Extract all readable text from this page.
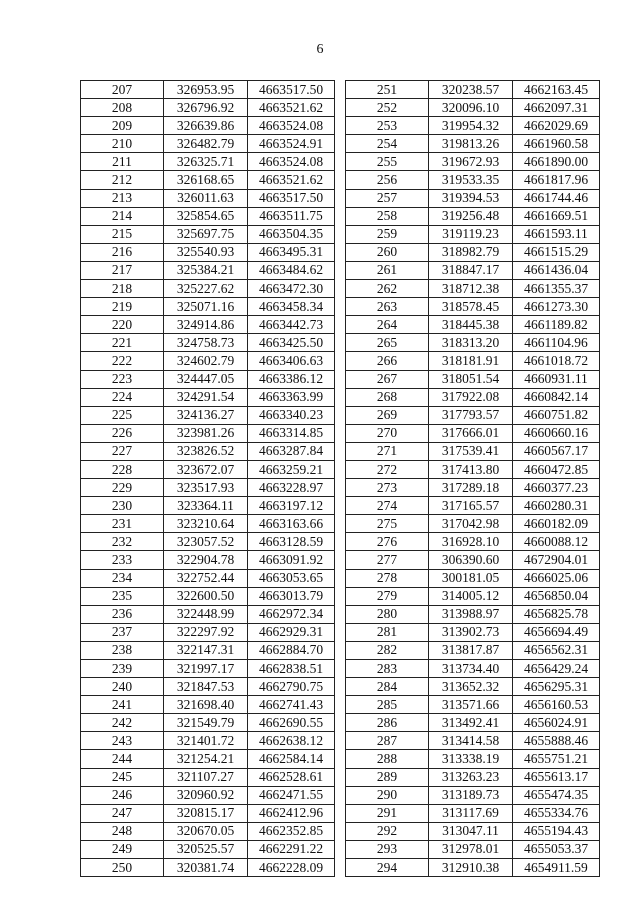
6
207	326953.95	4663517.50
208	326796.92	4663521.62
209	326639.86	4663524.08
210	326482.79	4663524.91
211	326325.71	4663524.08
212	326168.65	4663521.62
213	326011.63	4663517.50
214	325854.65	4663511.75
215	325697.75	4663504.35
216	325540.93	4663495.31
217	325384.21	4663484.62
218	325227.62	4663472.30
219	325071.16	4663458.34
220	324914.86	4663442.73
221	324758.73	4663425.50
222	324602.79	4663406.63
223	324447.05	4663386.12
224	324291.54	4663363.99
225	324136.27	4663340.23
226	323981.26	4663314.85
227	323826.52	4663287.84
228	323672.07	4663259.21
229	323517.93	4663228.97
230	323364.11	4663197.12
231	323210.64	4663163.66
232	323057.52	4663128.59
233	322904.78	4663091.92
234	322752.44	4663053.65
235	322600.50	4663013.79
236	322448.99	4662972.34
237	322297.92	4662929.31
238	322147.31	4662884.70
239	321997.17	4662838.51
240	321847.53	4662790.75
241	321698.40	4662741.43
242	321549.79	4662690.55
243	321401.72	4662638.12
244	321254.21	4662584.14
245	321107.27	4662528.61
246	320960.92	4662471.55
247	320815.17	4662412.96
248	320670.05	4662352.85
249	320525.57	4662291.22
250	320381.74	4662228.09
251	320238.57	4662163.45
252	320096.10	4662097.31
253	319954.32	4662029.69
254	319813.26	4661960.58
255	319672.93	4661890.00
256	319533.35	4661817.96
257	319394.53	4661744.46
258	319256.48	4661669.51
259	319119.23	4661593.11
260	318982.79	4661515.29
261	318847.17	4661436.04
262	318712.38	4661355.37
263	318578.45	4661273.30
264	318445.38	4661189.82
265	318313.20	4661104.96
266	318181.91	4661018.72
267	318051.54	4660931.11
268	317922.08	4660842.14
269	317793.57	4660751.82
270	317666.01	4660660.16
271	317539.41	4660567.17
272	317413.80	4660472.85
273	317289.18	4660377.23
274	317165.57	4660280.31
275	317042.98	4660182.09
276	316928.10	4660088.12
277	306390.60	4672904.01
278	300181.05	4666025.06
279	314005.12	4656850.04
280	313988.97	4656825.78
281	313902.73	4656694.49
282	313817.87	4656562.31
283	313734.40	4656429.24
284	313652.32	4656295.31
285	313571.66	4656160.53
286	313492.41	4656024.91
287	313414.58	4655888.46
288	313338.19	4655751.21
289	313263.23	4655613.17
290	313189.73	4655474.35
291	313117.69	4655334.76
292	313047.11	4655194.43
293	312978.01	4655053.37
294	312910.38	4654911.59
